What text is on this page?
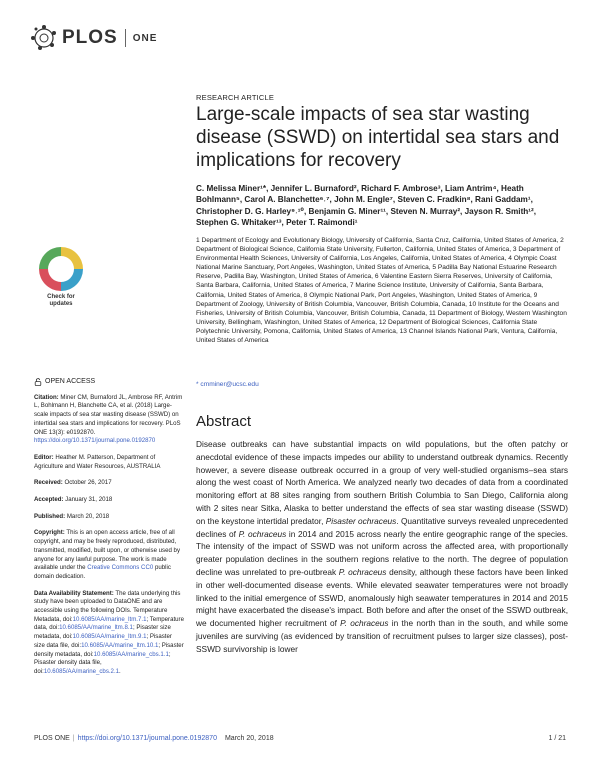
PLOS ONE
RESEARCH ARTICLE
Large-scale impacts of sea star wasting disease (SSWD) on intertidal sea stars and implications for recovery
C. Melissa Miner¹*, Jennifer L. Burnaford², Richard F. Ambrose³, Liam Antrim⁴, Heath Bohlmann⁵, Carol A. Blanchette⁶˒⁷, John M. Engle⁷, Steven C. Fradkin⁸, Rani Gaddam¹, Christopher D. G. Harley⁹˒¹⁰, Benjamin G. Miner¹¹, Steven N. Murray², Jayson R. Smith¹², Stephen G. Whitaker¹³, Peter T. Raimondi¹
1 Department of Ecology and Evolutionary Biology, University of California, Santa Cruz, California, United States of America, 2 Department of Biological Science, California State University, Fullerton, California, United States of America, 3 Department of Environmental Health Sciences, University of California, Los Angeles, California, United States of America, 4 Olympic Coast National Marine Sanctuary, Port Angeles, Washington, United States of America, 5 Padilla Bay National Estuarine Research Reserve, Padilla Bay, Washington, United States of America, 6 Valentine Eastern Sierra Reserves, University of California, Santa Barbara, California, United States of America, 7 Marine Science Institute, University of California, Santa Barbara, California, United States of America, 8 Olympic National Park, Port Angeles, Washington, United States of America, 9 Department of Zoology, University of British Columbia, Vancouver, British Columbia, Canada, 10 Institute for the Oceans and Fisheries, University of British Columbia, Vancouver, British Columbia, Canada, 11 Department of Biology, Western Washington University, Bellingham, Washington, United States of America, 12 Department of Biological Sciences, California State Polytechnic University, Pomona, California, United States of America, 13 Channel Islands National Park, Ventura, California, United States of America
* cmminer@ucsc.edu
Check for
updates
OPEN ACCESS
Citation: Miner CM, Burnaford JL, Ambrose RF, Antrim L, Bohlmann H, Blanchette CA, et al. (2018) Large-scale impacts of sea star wasting disease (SSWD) on intertidal sea stars and implications for recovery. PLoS ONE 13(3): e0192870. https://doi.org/10.1371/journal.pone.0192870
Editor: Heather M. Patterson, Department of Agriculture and Water Resources, AUSTRALIA
Received: October 26, 2017
Accepted: January 31, 2018
Published: March 20, 2018
Copyright: This is an open access article, free of all copyright, and may be freely reproduced, distributed, transmitted, modified, built upon, or otherwise used by anyone for any lawful purpose. The work is made available under the Creative Commons CC0 public domain dedication.
Data Availability Statement: The data underlying this study have been uploaded to DataONE and are accessible using the following DOIs. Temperature Metadata, doi:10.6085/AA/marine_ltm.7.1; Temperature data, doi:10.6085/AA/marine_ltm.8.1; Pisaster size metadata, doi:10.6085/AA/marine_ltm.9.1; Pisaster size data file, doi:10.6085/AA/marine_ltm.10.1; Pisaster density metadata, doi:10.6085/AA/marine_cbs.1.1; Pisaster density data file, doi:10.6085/AA/marine_cbs.2.1.
Abstract
Disease outbreaks can have substantial impacts on wild populations, but the often patchy or anecdotal evidence of these impacts impedes our ability to understand outbreak dynamics. Recently however, a severe disease outbreak occurred in a group of very well-studied organisms–sea stars along the west coast of North America. We analyzed nearly two decades of data from a coordinated monitoring effort at 88 sites ranging from southern British Columbia to San Diego, California along with 2 sites near Sitka, Alaska to better understand the effects of sea star wasting disease (SSWD) on the keystone intertidal predator, Pisaster ochraceus. Quantitative surveys revealed unprecedented declines of P. ochraceus in 2014 and 2015 across nearly the entire geographic range of the species. The intensity of the impact of SSWD was not uniform across the affected area, with proportionally greater population declines in the southern regions relative to the north. The degree of population decline was unrelated to pre-outbreak P. ochraceus density, although these factors have been linked in other well-documented disease events. While elevated seawater temperatures were not broadly linked to the initial emergence of SSWD, anomalously high seawater temperatures in 2014 and 2015 might have exacerbated the disease's impact. Both before and after the onset of the SSWD outbreak, we documented higher recruitment of P. ochraceus in the north than in the south, and while some juveniles are surviving (as evidenced by transition of recruitment pulses to larger size classes), post-SSWD survivorship is lower
PLOS ONE | https://doi.org/10.1371/journal.pone.0192870 March 20, 2018	1 / 21
